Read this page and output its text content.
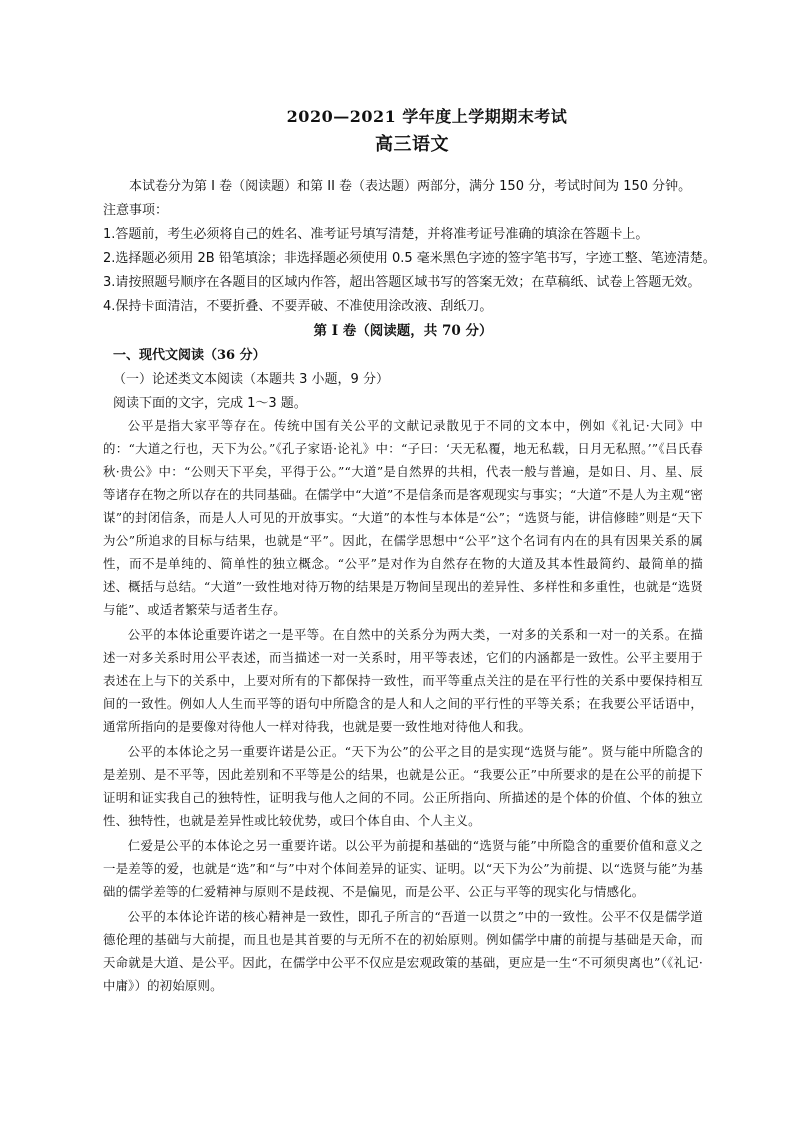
2020—2021 学年度上学期期末考试
高三语文
本试卷分为第 I 卷（阅读题）和第 II 卷（表达题）两部分，满分 150 分，考试时间为 150 分钟。
注意事项：
1.答题前，考生必须将自己的姓名、准考证号填写清楚，并将准考证号准确的填涂在答题卡上。
2.选择题必须用 2B 铅笔填涂；非选择题必须使用 0.5 毫米黑色字迹的签字笔书写，字迹工整、笔迹清楚。
3.请按照题号顺序在各题目的区域内作答，超出答题区域书写的答案无效；在草稿纸、试卷上答题无效。
4.保持卡面清洁，不要折叠、不要弄破、不准使用涂改液、刮纸刀。
第 I 卷（阅读题，共 70 分）
一、现代文阅读（36 分）
（一）论述类文本阅读（本题共 3 小题，9 分）
阅读下面的文字，完成 1～3 题。

公平是指大家平等存在。传统中国有关公平的文献记录散见于不同的文本中，例如《礼记·大同》中的：“大道之行也，天下为公。”《孔子家语·论礼》中：“子曰：‘天无私覆，地无私载，日月无私照。’”《吕氏春秋·贵公》中：“公则天下平矣，平得于公。”“大道”是自然界的共相，代表一般与普遍，是如日、月、星、辰等诸存在物之所以存在的共同基础。在儒学中“大道”不是信条而是客观现实与事实；“大道”不是人为主观“密谋”的封闭信条，而是人人可见的开放事实。“大道”的本性与本体是“公”；“选贤与能，讲信修睦”则是“天下为公”所追求的目标与结果，也就是“平”。因此，在儒学思想中“公平”这个名词有内在的具有因果关系的属性，而不是单纯的、简单性的独立概念。“公平”是对作为自然存在物的大道及其本性最简约、最简单的描述、概括与总结。“大道”一致性地对待万物的结果是万物间呈现出的差异性、多样性和多重性，也就是“选贤与能”、或适者繁荣与适者生存。

公平的本体论重要许诺之一是平等。在自然中的关系分为两大类，一对多的关系和一对一的关系。在描述一对多关系时用公平表述，而当描述一对一关系时，用平等表述，它们的内涵都是一致性。公平主要用于表述在上与下的关系中，上要对所有的下都保持一致性，而平等重点关注的是在平行性的关系中要保持相互间的一致性。例如人人生而平等的语句中所隐含的是人和人之间的平行性的平等关系；在我要公平话语中，通常所指向的是要像对待他人一样对待我，也就是要一致性地对待他人和我。

公平的本体论之另一重要许诺是公正。“天下为公”的公平之目的是实现“选贤与能”。贤与能中所隐含的是差别、是不平等，因此差别和不平等是公的结果，也就是公正。“我要公正”中所要求的是在公平的前提下证明和证实我自己的独特性，证明我与他人之间的不同。公正所指向、所描述的是个体的价值、个体的独立性、独特性，也就是差异性或比较优势，或曰个体自由、个人主义。

仁爱是公平的本体论之另一重要许诺。以公平为前提和基础的“选贤与能”中所隐含的重要价值和意义之一是差等的爱，也就是“选”和“与”中对个体间差异的证实、证明。以“天下为公”为前提、以“选贤与能”为基础的儒学差等的仁爱精神与原则不是歧视、不是偏见，而是公平、公正与平等的现实化与情感化。

公平的本体论许诺的核心精神是一致性，即孔子所言的“吾道一以贯之”中的一致性。公平不仅是儒学道德伦理的基础与大前提，而且也是其首要的与无所不在的初始原则。例如儒学中庸的前提与基础是天命，而天命就是大道、是公平。因此，在儒学中公平不仅应是宏观政策的基础，更应是一生“不可须臾离也”（《礼记·中庸》）的初始原则。
